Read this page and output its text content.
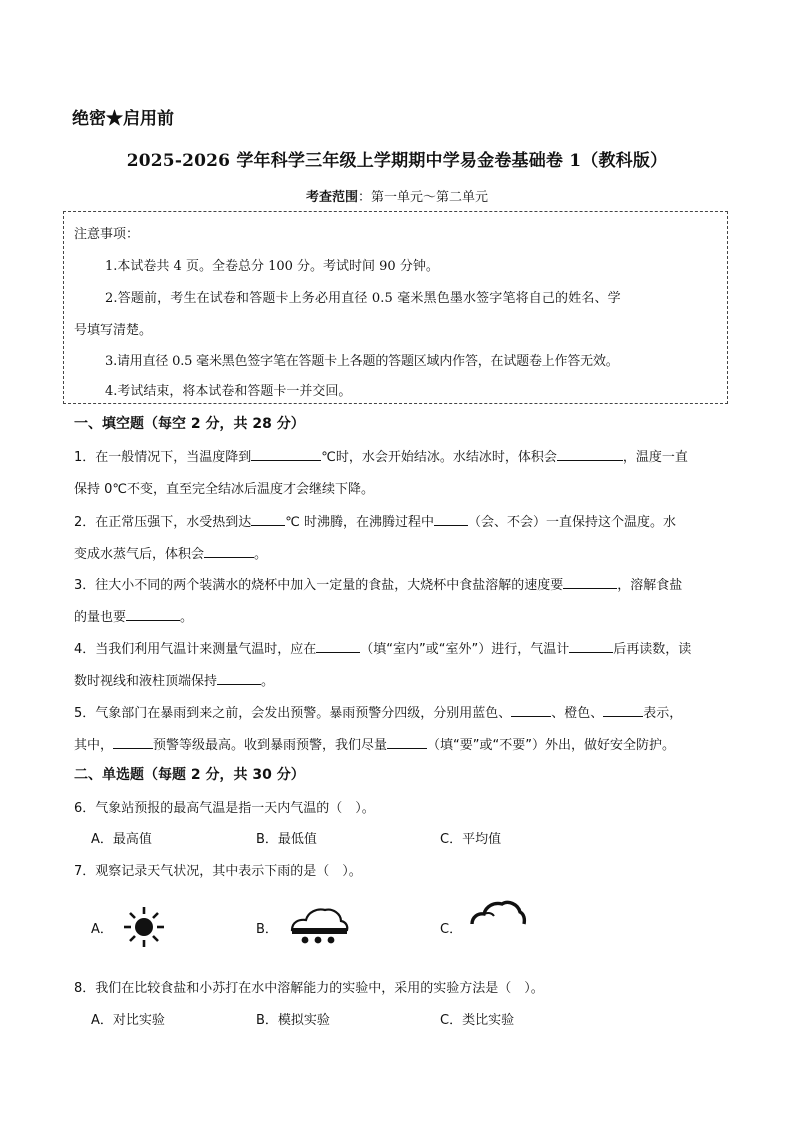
绝密★启用前
2025-2026 学年科学三年级上学期期中学易金卷基础卷 1（教科版）
考查范围：第一单元～第二单元
注意事项：
1.本试卷共 4 页。全卷总分 100 分。考试时间 90 分钟。
2.答题前，考生在试卷和答题卡上务必用直径 0.5 毫米黑色墨水签字笔将自己的姓名、学
号填写清楚。
3.请用直径 0.5 毫米黑色签字笔在答题卡上各题的答题区域内作答，在试题卷上作答无效。
4.考试结束，将本试卷和答题卡一并交回。
一、填空题（每空 2 分，共 28 分）
1．在一般情况下，当温度降到	℃时，水会开始结冰。水结冰时，体积会	，温度一直
保持 0℃不变，直至完全结冰后温度才会继续下降。
2．在正常压强下，水受热到达	℃ 时沸腾，在沸腾过程中	（会、不会）一直保持这个温度。水
变成水蒸气后，体积会	。
3．往大小不同的两个装满水的烧杯中加入一定量的食盐，大烧杯中食盐溶解的速度要	，溶解食盐
的量也要	。
4．当我们利用气温计来测量气温时，应在	（填“室内”或“室外”）进行，气温计	后再读数，读
数时视线和液柱顶端保持	。
5．气象部门在暴雨到来之前，会发出预警。暴雨预警分四级，分别用蓝色、	、橙色、	表示，
其中，	预警等级最高。收到暴雨预警，我们尽量	（填“要”或“不要”）外出，做好安全防护。
二、单选题（每题 2 分，共 30 分）
6．气象站预报的最高气温是指一天内气温的（　）。
A．最高值	B．最低值	C．平均值
7．观察记录天气状况，其中表示下雨的是（　）。
A．	B．	C．
8．我们在比较食盐和小苏打在水中溶解能力的实验中，采用的实验方法是（　）。
A．对比实验	B．模拟实验	C．类比实验
